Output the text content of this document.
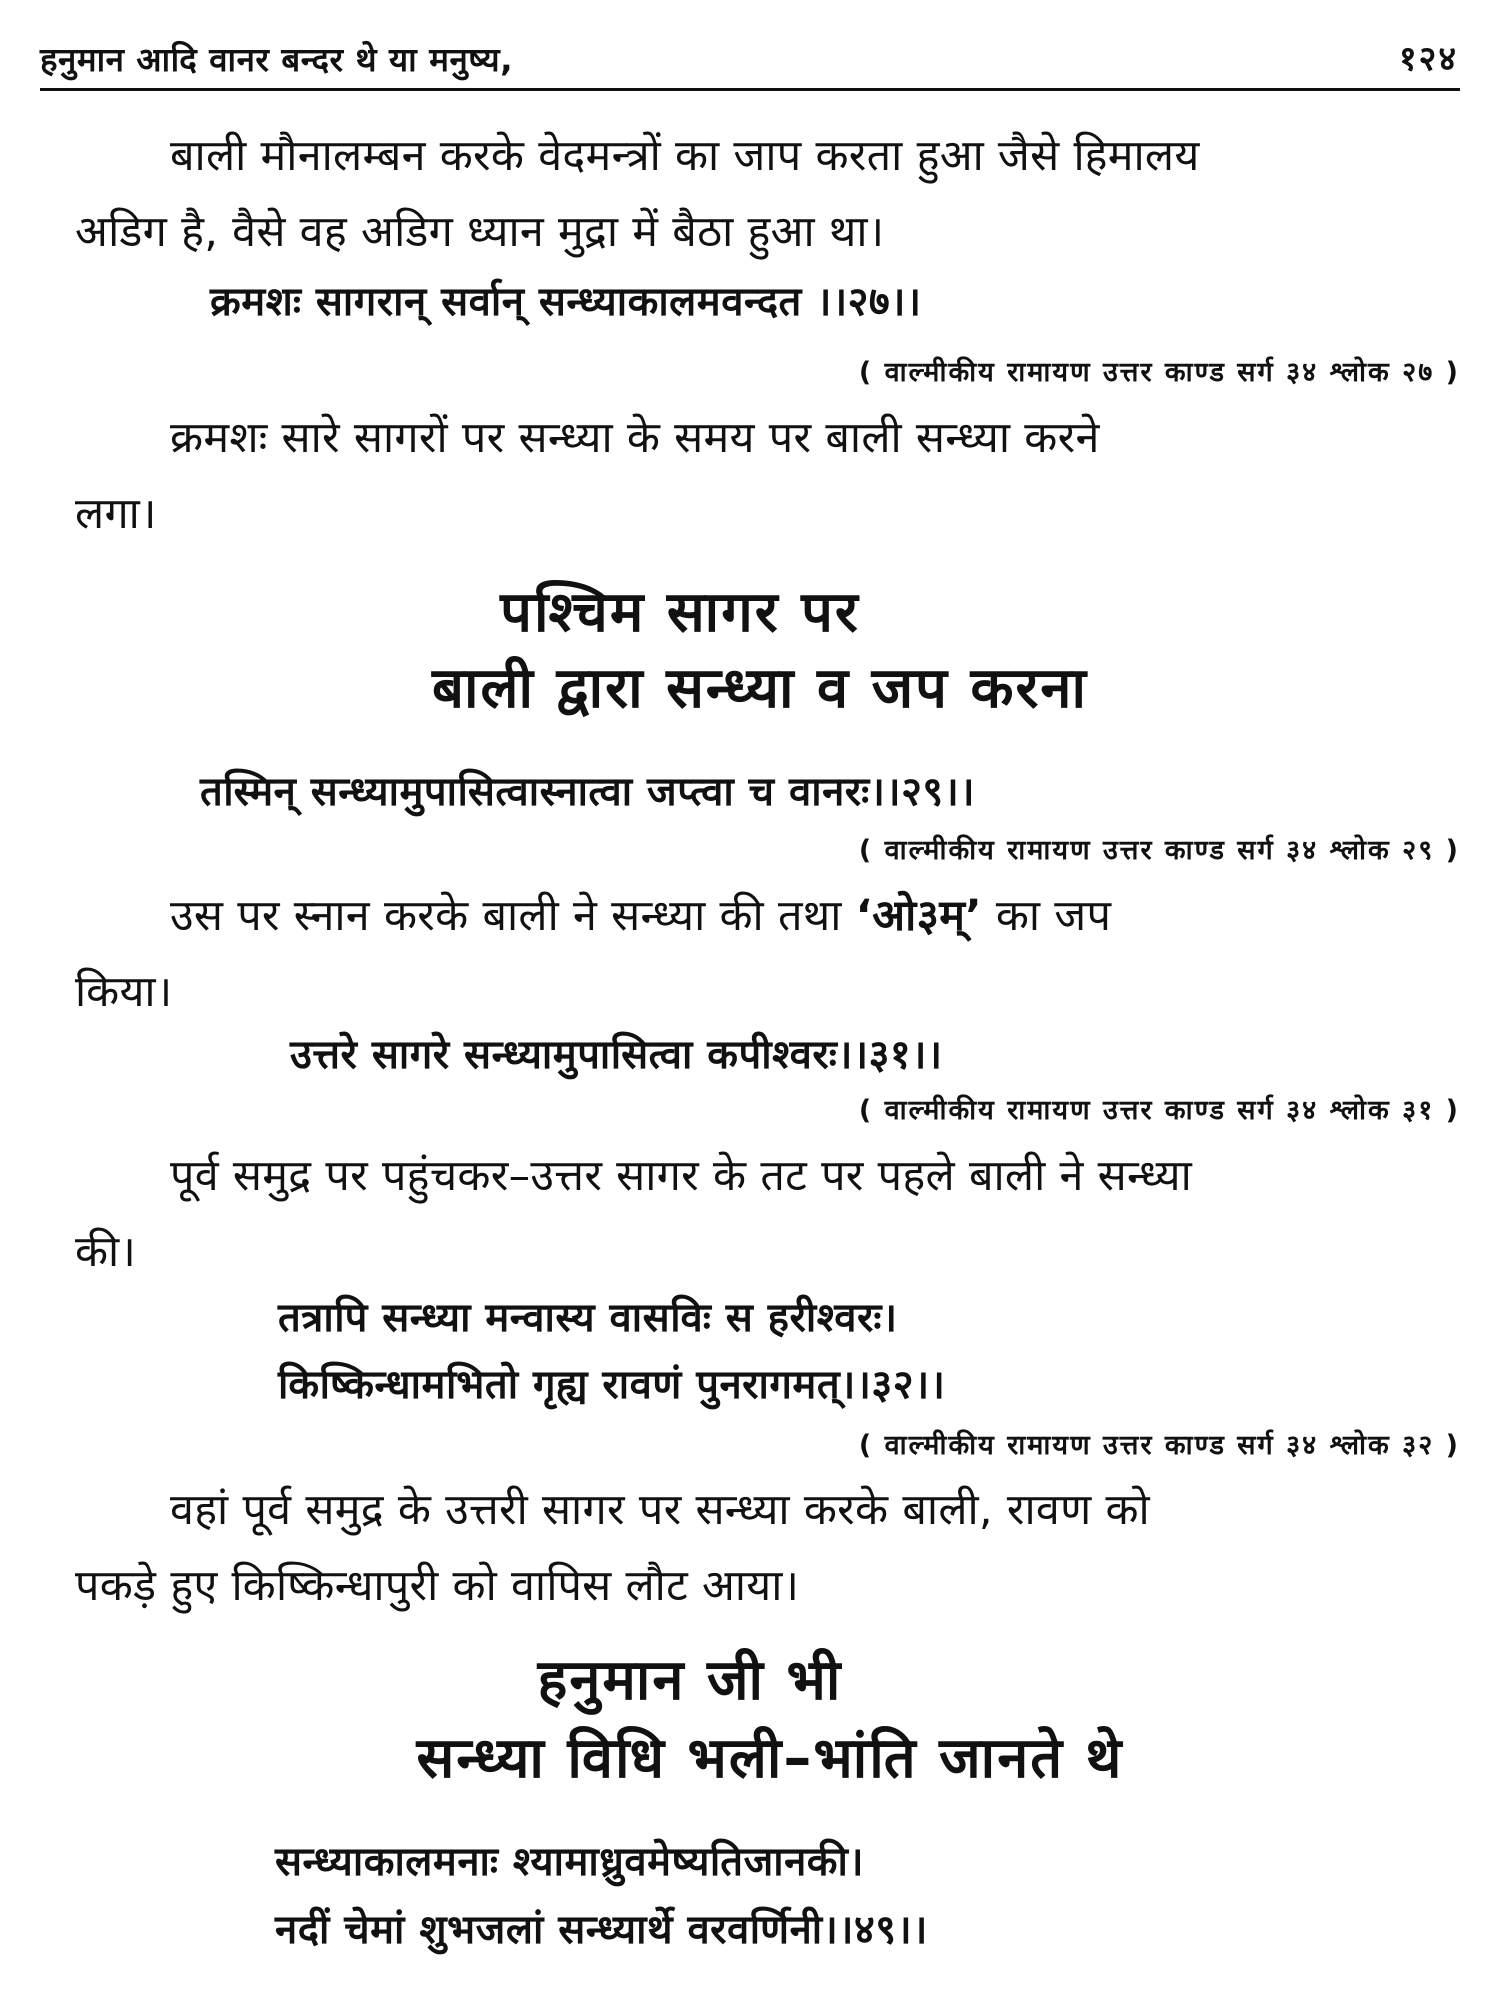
हनुमान आदि वानर बन्दर थे या मनुष्य,	१२४
बाली मौनालम्बन करके वेदमन्त्रों का जाप करता हुआ जैसे हिमालय
अडिग है, वैसे वह अडिग ध्यान मुद्रा में बैठा हुआ था।
क्रमशः सागरान् सर्वान् सन्ध्याकालमवन्दत ।।२७।।
( वाल्मीकीय रामायण उत्तर काण्ड सर्ग ३४ श्लोक २७ )
क्रमशः सारे सागरों पर सन्ध्या के समय पर बाली सन्ध्या करने
लगा।
पश्चिम सागर पर
बाली द्वारा सन्ध्या व जप करना
तस्मिन् सन्ध्यामुपासित्वास्नात्वा जप्त्वा च वानरः।।२९।।
( वाल्मीकीय रामायण उत्तर काण्ड सर्ग ३४ श्लोक २९ )
उस पर स्नान करके बाली ने सन्ध्या की तथा ‘ओ३म्’ का जप
किया।
उत्तरे सागरे सन्ध्यामुपासित्वा कपीश्वरः।।३१।।
( वाल्मीकीय रामायण उत्तर काण्ड सर्ग ३४ श्लोक ३१ )
पूर्व समुद्र पर पहुंचकर–उत्तर सागर के तट पर पहले बाली ने सन्ध्या
की।
तत्रापि सन्ध्या मन्वास्य वासविः स हरीश्वरः।
किष्किन्धामभितो गृह्य रावणं पुनरागमत्।।३२।।
( वाल्मीकीय रामायण उत्तर काण्ड सर्ग ३४ श्लोक ३२ )
वहां पूर्व समुद्र के उत्तरी सागर पर सन्ध्या करके बाली, रावण को
पकड़े हुए किष्किन्धापुरी को वापिस लौट आया।
हनुमान जी भी
सन्ध्या विधि भली–भांति जानते थे
सन्ध्याकालमनाः श्यामाध्रुवमेष्यतिजानकी।
नदीं चेमां शुभजलां सन्ध्यार्थे वरवर्णिनी।।४९।।
